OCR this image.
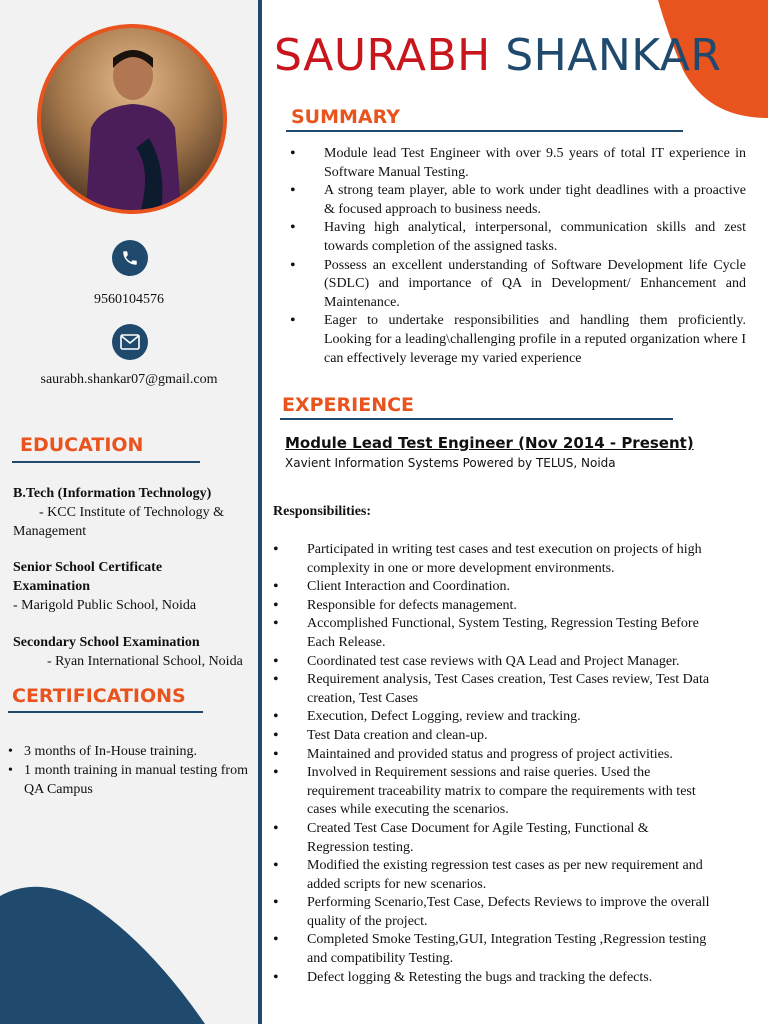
9560104576
saurabh.shankar07@gmail.com
EDUCATION
B.Tech (Information Technology)
- KCC Institute of Technology & Management
Senior School Certificate Examination
- Marigold Public School, Noida
Secondary School Examination
- Ryan International School, Noida
CERTIFICATIONS
• 3 months of In-House training.
• 1 month training in manual testing from QA Campus
SAURABH SHANKAR
SUMMARY
• Module lead Test Engineer with over 9.5 years of total IT experience in Software Manual Testing.
• A strong team player, able to work under tight deadlines with a proactive & focused approach to business needs.
• Having high analytical, interpersonal, communication skills and zest towards completion of the assigned tasks.
• Possess an excellent understanding of Software Development life Cycle (SDLC) and importance of QA in Development/ Enhancement and Maintenance.
• Eager to undertake responsibilities and handling them proficiently. Looking for a leading\challenging profile in a reputed organization where I can effectively leverage my varied experience
EXPERIENCE
Module Lead Test Engineer (Nov 2014 - Present)
Xavient Information Systems Powered by TELUS, Noida
Responsibilities:
• Participated in writing test cases and test execution on projects of high complexity in one or more development environments.
• Client Interaction and Coordination.
• Responsible for defects management.
• Accomplished Functional, System Testing, Regression Testing Before Each Release.
• Coordinated test case reviews with QA Lead and Project Manager.
• Requirement analysis, Test Cases creation, Test Cases review, Test Data creation, Test Cases
• Execution, Defect Logging, review and tracking.
• Test Data creation and clean-up.
• Maintained and provided status and progress of project activities.
• Involved in Requirement sessions and raise queries. Used the requirement traceability matrix to compare the requirements with test cases while executing the scenarios.
• Created Test Case Document for Agile Testing, Functional & Regression testing.
• Modified the existing regression test cases as per new requirement and added scripts for new scenarios.
• Performing Scenario,Test Case, Defects Reviews to improve the overall quality of the project.
• Completed Smoke Testing,GUI, Integration Testing ,Regression testing and compatibility Testing.
• Defect logging & Retesting the bugs and tracking the defects.
